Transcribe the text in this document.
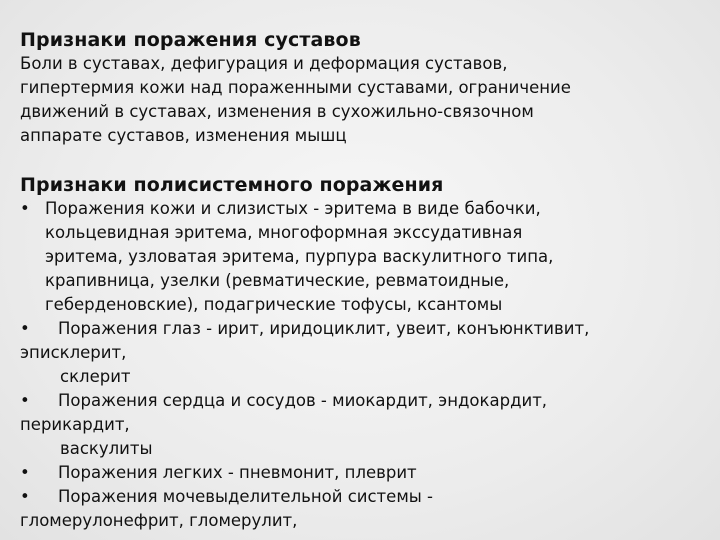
Признаки поражения суставов

Боли в суставах, дефигурация и деформация суставов,

гипертермия кожи над пораженными суставами, ограничение

движений в суставах, изменения в сухожильно-связочном

аппарате суставов, изменения мышц

Признаки полисистемного поражения

• Поражения кожи и слизистых - эритема в виде бабочки,

кольцевидная эритема, многоформная экссудативная

эритема, узловатая эритема, пурпура васкулитного типа,

крапивница, узелки (ревматические, ревматоидные,

геберденовские), подагрические тофусы, ксантомы

• Поражения глаз - ирит, иридоциклит, увеит, конъюнктивит,

эписклерит,

склерит

• Поражения сердца и сосудов - миокардит, эндокардит,

перикардит,

васкулиты

• Поражения легких - пневмонит, плеврит

• Поражения мочевыделительной системы -

гломерулонефрит, гломерулит,
